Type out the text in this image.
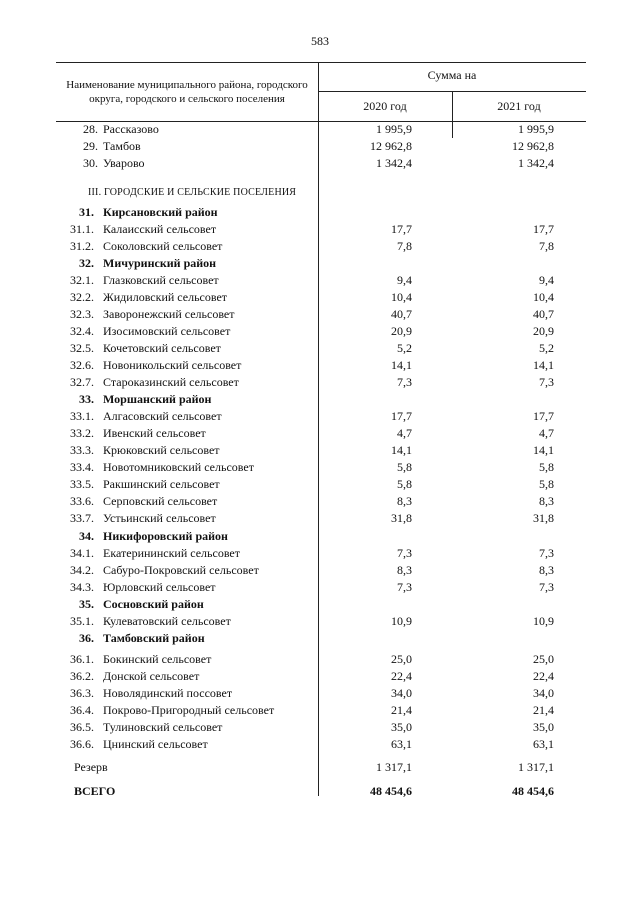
583
Наименование муниципального района, городского округа, городского и сельского поселения
Сумма на
2020 год	2021 год
28. Рассказово	1 995,9	1 995,9
29. Тамбов	12 962,8	12 962,8
30. Уварово	1 342,4	1 342,4
III. ГОРОДСКИЕ И СЕЛЬСКИЕ ПОСЕЛЕНИЯ
31. Кирсановский район
31.1. Калаисский сельсовет	17,7	17,7
31.2. Соколовский сельсовет	7,8	7,8
32. Мичуринский район
32.1. Глазковский сельсовет	9,4	9,4
32.2. Жидиловский сельсовет	10,4	10,4
32.3. Заворонежский сельсовет	40,7	40,7
32.4. Изосимовский сельсовет	20,9	20,9
32.5. Кочетовский сельсовет	5,2	5,2
32.6. Новоникольский сельсовет	14,1	14,1
32.7. Староказинский сельсовет	7,3	7,3
33. Моршанский район
33.1. Алгасовский сельсовет	17,7	17,7
33.2. Ивенский сельсовет	4,7	4,7
33.3. Крюковский сельсовет	14,1	14,1
33.4. Новотомниковский сельсовет	5,8	5,8
33.5. Ракшинский сельсовет	5,8	5,8
33.6. Серповский сельсовет	8,3	8,3
33.7. Устьинский сельсовет	31,8	31,8
34. Никифоровский район
34.1. Екатерининский сельсовет	7,3	7,3
34.2. Сабуро-Покровский сельсовет	8,3	8,3
34.3. Юрловский сельсовет	7,3	7,3
35. Сосновский район
35.1. Кулеватовский сельсовет	10,9	10,9
36. Тамбовский район
36.1. Бокинский сельсовет	25,0	25,0
36.2. Донской сельсовет	22,4	22,4
36.3. Новолядинский поссовет	34,0	34,0
36.4. Покрово-Пригородный сельсовет	21,4	21,4
36.5. Тулиновский сельсовет	35,0	35,0
36.6. Цнинский сельсовет	63,1	63,1
Резерв	1 317,1	1 317,1
ВСЕГО	48 454,6	48 454,6
